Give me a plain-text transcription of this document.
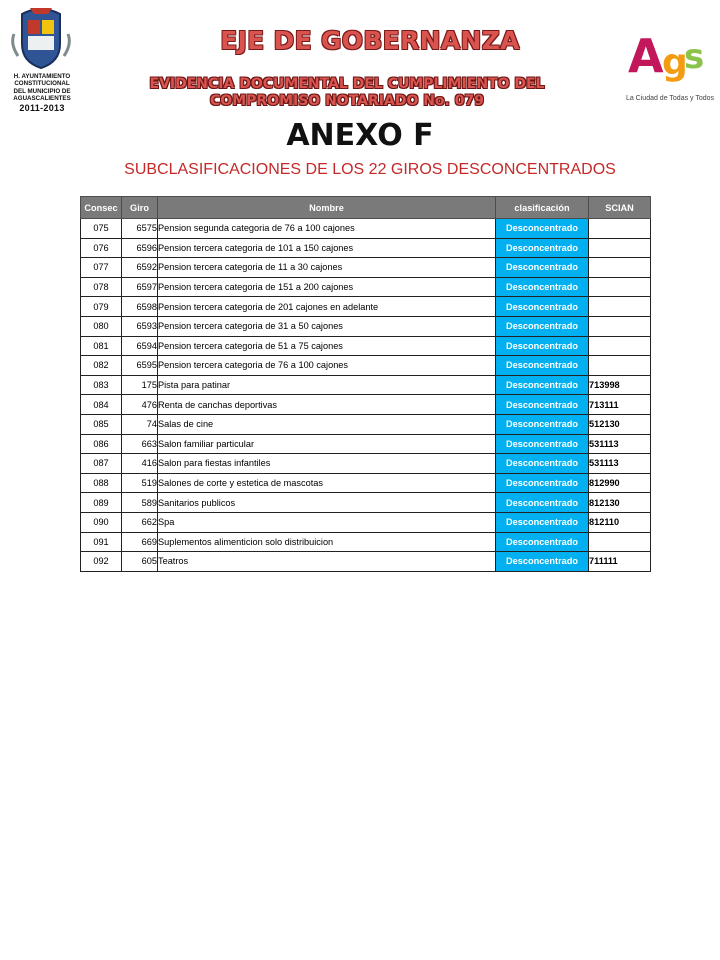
H. AYUNTAMIENTO
CONSTITUCIONAL
DEL MUNICIPIO DE
AGUASCALIENTES
2011-2013
EJE DE GOBERNANZA
EVIDENCIA DOCUMENTAL DEL CUMPLIMIENTO DEL
COMPROMISO NOTARIADO No. 079
ANEXO F
SUBCLASIFICACIONES DE LOS 22 GIROS DESCONCENTRADOS
A
g
s
La Ciudad de Todas y Todos
Consec	Giro	Nombre	clasificación	SCIAN
075	6575	Pension segunda categoria de 76 a 100 cajones	Desconcentrado	
076	6596	Pension tercera categoria de 101 a 150 cajones	Desconcentrado	
077	6592	Pension tercera categoria de 11 a 30 cajones	Desconcentrado	
078	6597	Pension tercera categoria de 151 a 200 cajones	Desconcentrado	
079	6598	Pension tercera categoria de 201 cajones en adelante	Desconcentrado	
080	6593	Pension tercera categoria de 31 a 50 cajones	Desconcentrado	
081	6594	Pension tercera categoria de 51 a 75 cajones	Desconcentrado	
082	6595	Pension tercera categoria de 76 a 100 cajones	Desconcentrado	
083	175	Pista para patinar	Desconcentrado	713998
084	476	Renta de canchas deportivas	Desconcentrado	713111
085	74	Salas de cine	Desconcentrado	512130
086	663	Salon familiar particular	Desconcentrado	531113
087	416	Salon para fiestas infantiles	Desconcentrado	531113
088	519	Salones de corte y estetica de mascotas	Desconcentrado	812990
089	589	Sanitarios publicos	Desconcentrado	812130
090	662	Spa	Desconcentrado	812110
091	669	Suplementos alimenticion solo distribuicion	Desconcentrado	
092	605	Teatros	Desconcentrado	711111
